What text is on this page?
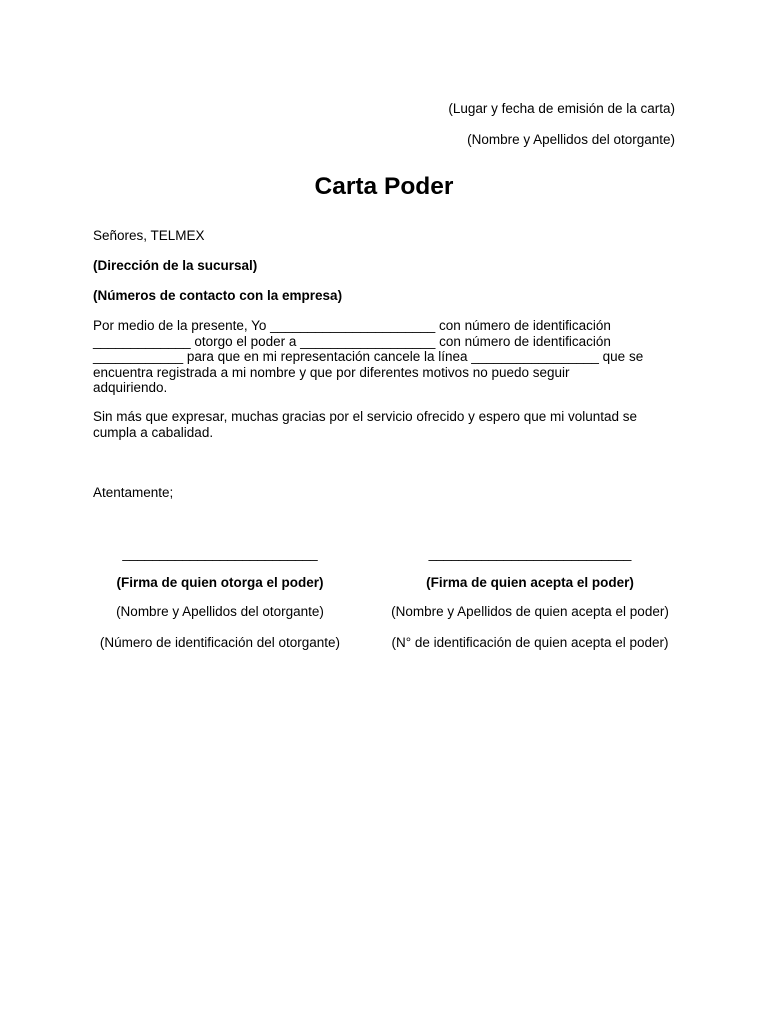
(Lugar y fecha de emisión de la carta)
(Nombre y Apellidos del otorgante)
Carta Poder
Señores, TELMEX
(Dirección de la sucursal)
(Números de contacto con la empresa)
Por medio de la presente, Yo ______________________ con número de identificación
_____________ otorgo el poder a __________________ con número de identificación
____________ para que en mi representación cancele la línea _________________ que se
encuentra registrada a mi nombre y que por diferentes motivos no puedo seguir
adquiriendo.
Sin más que expresar, muchas gracias por el servicio ofrecido y espero que mi voluntad se
cumpla a cabalidad.
Atentamente;
__________________________	___________________________
(Firma de quien otorga el poder)	(Firma de quien acepta el poder)
(Nombre y Apellidos del otorgante)	(Nombre y Apellidos de quien acepta el poder)
(Número de identificación del otorgante)	(N° de identificación de quien acepta el poder)
